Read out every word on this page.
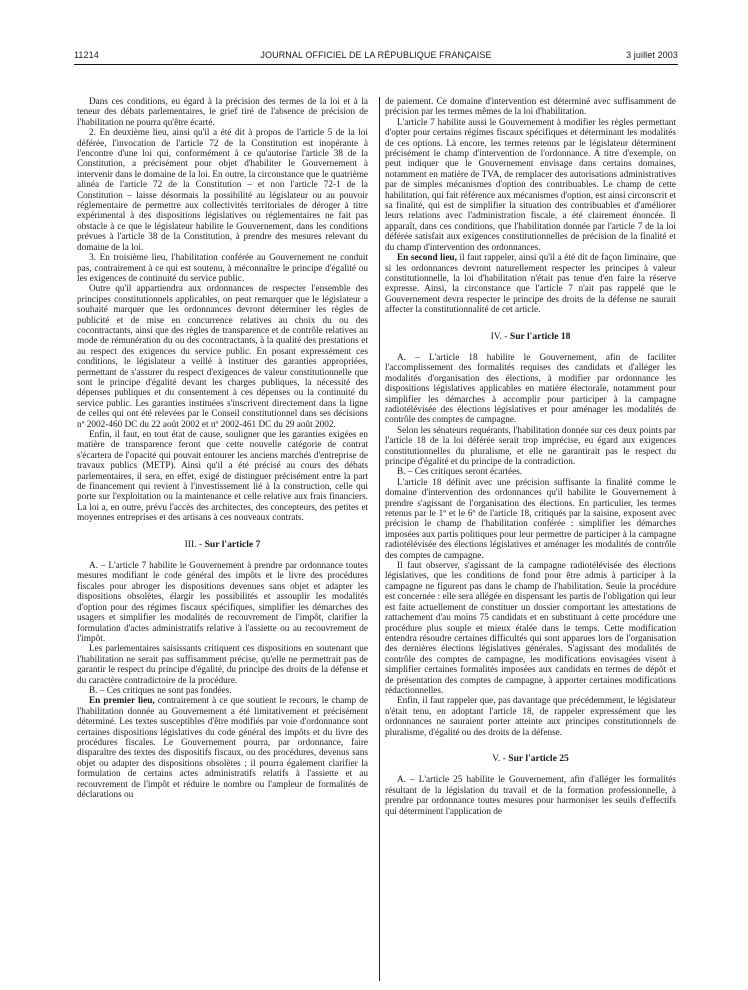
11214	JOURNAL OFFICIEL DE LA RÉPUBLIQUE FRANÇAISE	3 juillet 2003

Dans ces conditions, eu égard à la précision des termes de la loi et à la teneur des débats parlementaires, le grief tiré de l'absence de précision de l'habilitation ne pourra qu'être écarté.

2. En deuxième lieu, ainsi qu'il a été dit à propos de l'article 5 de la loi déférée, l'invocation de l'article 72 de la Constitution est inopérante à l'encontre d'une loi qui, conformément à ce qu'autorise l'article 38 de la Constitution, a précisément pour objet d'habiliter le Gouvernement à intervenir dans le domaine de la loi. En outre, la circonstance que le quatrième alinéa de l'article 72 de la Constitution – et non l'article 72-1 de la Constitution – laisse désormais la possibilité au législateur ou au pouvoir réglementaire de permettre aux collectivités territoriales de déroger à titre expérimental à des dispositions législatives ou réglementaires ne fait pas obstacle à ce que le législateur habilite le Gouvernement, dans les conditions prévues à l'article 38 de la Constitution, à prendre des mesures relevant du domaine de la loi.

3. En troisième lieu, l'habilitation conférée au Gouvernement ne conduit pas, contrairement à ce qui est soutenu, à méconnaître le principe d'égalité ou les exigences de continuité du service public.

Outre qu'il appartiendra aux ordonnances de respecter l'ensemble des principes constitutionnels applicables, on peut remarquer que le législateur a souhaité marquer que les ordonnances devront déterminer les règles de publicité et de mise en concurrence relatives au choix du ou des cocontractants, ainsi que des règles de transparence et de contrôle relatives au mode de rémunération du ou des cocontractants, à la qualité des prestations et au respect des exigences du service public. En posant expressément ces conditions, le législateur a veillé à instituer des garanties appropriées, permettant de s'assurer du respect d'exigences de valeur constitutionnelle que sont le principe d'égalité devant les charges publiques, la nécessité des dépenses publiques et du consentement à ces dépenses ou la continuité du service public. Les garanties instituées s'inscrivent directement dans la ligne de celles qui ont été relevées par le Conseil constitutionnel dans ses décisions nº 2002-460 DC du 22 août 2002 et nº 2002-461 DC du 29 août 2002.

Enfin, il faut, en tout état de cause, souligner que les garanties exigées en matière de transparence feront que cette nouvelle catégorie de contrat s'écartera de l'opacité qui pouvait entourer les anciens marchés d'entreprise de travaux publics (METP). Ainsi qu'il a été précisé au cours des débats parlementaires, il sera, en effet, exigé de distinguer précisément entre la part de financement qui revient à l'investissement lié à la construction, celle qui porte sur l'exploitation ou la maintenance et celle relative aux frais financiers. La loi a, en outre, prévu l'accès des architectes, des concepteurs, des petites et moyennes entreprises et des artisans à ces nouveaux contrats.

III. - Sur l'article 7

A. – L'article 7 habilite le Gouvernement à prendre par ordonnance toutes mesures modifiant le code général des impôts et le livre des procédures fiscales pour abroger les dispositions devenues sans objet et adapter les dispositions obsolètes, élargir les possibilités et assouplir les modalités d'option pour des régimes fiscaux spécifiques, simplifier les démarches des usagers et simplifier les modalités de recouvrement de l'impôt, clarifier la formulation d'actes administratifs relative à l'assiette ou au recouvrement de l'impôt.

Les parlementaires saisissants critiquent ces dispositions en soutenant que l'habilitation ne serait pas suffisamment précise, qu'elle ne permettrait pas de garantir le respect du principe d'égalité, du principe des droits de la défense et du caractère contradictoire de la procédure.

B. – Ces critiques ne sont pas fondées.

En premier lieu, contrairement à ce que soutient le recours, le champ de l'habilitation donnée au Gouvernement a été limitativement et précisément déterminé. Les textes susceptibles d'être modifiés par voie d'ordonnance sont certaines dispositions législatives du code général des impôts et du livre des procédures fiscales. Le Gouvernement pourra, par ordonnance, faire disparaître des textes des dispositifs fiscaux, ou des procédures, devenus sans objet ou adapter des dispositions obsolètes ; il pourra également clarifier la formulation de certains actes administratifs relatifs à l'assiette et au recouvrement de l'impôt et réduire le nombre ou l'ampleur de formalités de déclarations ou

de paiement. Ce domaine d'intervention est déterminé avec suffisamment de précision par les termes mêmes de la loi d'habilitation.

L'article 7 habilite aussi le Gouvernement à modifier les règles permettant d'opter pour certains régimes fiscaux spécifiques et déterminant les modalités de ces options. Là encore, les termes retenus par le législateur déterminent précisément le champ d'intervention de l'ordonnance. A titre d'exemple, on peut indiquer que le Gouvernement envisage dans certains domaines, notamment en matière de TVA, de remplacer des autorisations administratives par de simples mécanismes d'option des contribuables. Le champ de cette habilitation, qui fait référence aux mécanismes d'option, est ainsi circonscrit et sa finalité, qui est de simplifier la situation des contribuables et d'améliorer leurs relations avec l'administration fiscale, a été clairement énoncée. Il apparaît, dans ces conditions, que l'habilitation donnée par l'article 7 de la loi déférée satisfait aux exigences constitutionnelles de précision de la finalité et du champ d'intervention des ordonnances.

En second lieu, il faut rappeler, ainsi qu'il a été dit de façon liminaire, que si les ordonnances devront naturellement respecter les principes à valeur constitutionnelle, la loi d'habilitation n'était pas tenue d'en faire la réserve expresse. Ainsi, la circonstance que l'article 7 n'ait pas rappelé que le Gouvernement devra respecter le principe des droits de la défense ne saurait affecter la constitutionnalité de cet article.

IV. - Sur l'article 18

A. – L'article 18 habilite le Gouvernement, afin de faciliter l'accomplissement des formalités requises des candidats et d'alléger les modalités d'organisation des élections, à modifier par ordonnance les dispositions législatives applicables en matière électorale, notamment pour simplifier les démarches à accomplir pour participer à la campagne radiotélévisée des élections législatives et pour aménager les modalités de contrôle des comptes de campagne.

Selon les sénateurs requérants, l'habilitation donnée sur ces deux points par l'article 18 de la loi déférée serait trop imprécise, eu égard aux exigences constitutionnelles du pluralisme, et elle ne garantirait pas le respect du principe d'égalité et du principe de la contradiction.

B. – Ces critiques seront écartées.

L'article 18 définit avec une précision suffisante la finalité comme le domaine d'intervention des ordonnances qu'il habilite le Gouvernement à prendre s'agissant de l'organisation des élections. En particulier, les termes retenus par le 1º et le 6º de l'article 18, critiqués par la saisine, exposent avec précision le champ de l'habilitation conférée : simplifier les démarches imposées aux partis politiques pour leur permettre de participer à la campagne radiotélévisée des élections législatives et aménager les modalités de contrôle des comptes de campagne.

Il faut observer, s'agissant de la campagne radiotélévisée des élections législatives, que les conditions de fond pour être admis à participer à la campagne ne figurent pas dans le champ de l'habilitation. Seule la procédure est concernée : elle sera allégée en dispensant les partis de l'obligation qui leur est faite actuellement de constituer un dossier comportant les attestations de rattachement d'au moins 75 candidats et en substituant à cette procédure une procédure plus souple et mieux étalée dans le temps. Cette modification entendra résoudre certaines difficultés qui sont apparues lors de l'organisation des dernières élections législatives générales. S'agissant des modalités de contrôle des comptes de campagne, les modifications envisagées visent à simplifier certaines formalités imposées aux candidats en termes de dépôt et de présentation des comptes de campagne, à apporter certaines modifications rédactionnelles.

Enfin, il faut rappeler que, pas davantage que précédemment, le législateur n'était tenu, en adoptant l'article 18, de rappeler expressément que les ordonnances ne sauraient porter atteinte aux principes constitutionnels de pluralisme, d'égalité ou des droits de la défense.

V. - Sur l'article 25

A. – L'article 25 habilite le Gouvernement, afin d'alléger les formalités résultant de la législation du travail et de la formation professionnelle, à prendre par ordonnance toutes mesures pour harmoniser les seuils d'effectifs qui déterminent l'application de
